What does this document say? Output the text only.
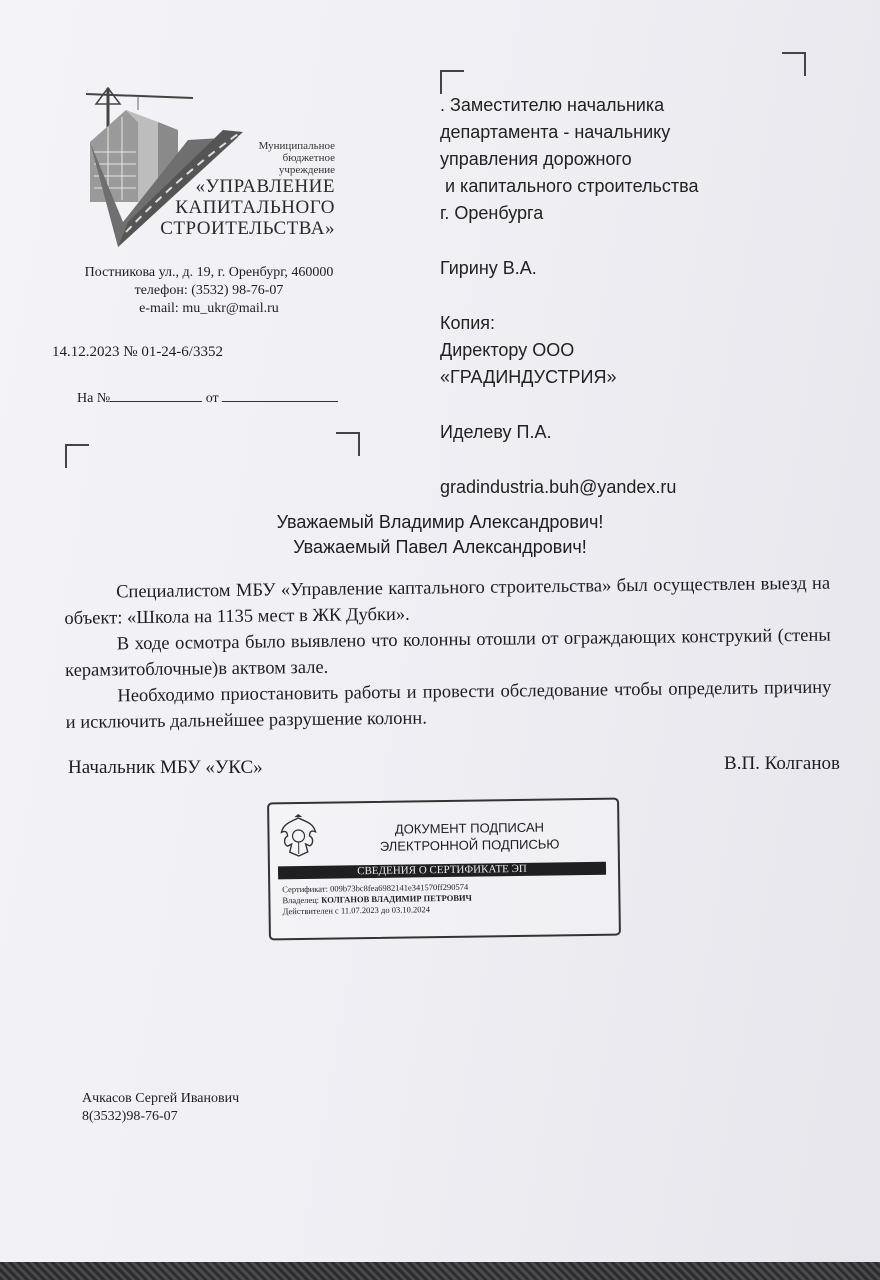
Муниципальное
бюджетное
учреждение
«УПРАВЛЕНИЕ
КАПИТАЛЬНОГО
СТРОИТЕЛЬСТВА»
Постникова ул., д. 19, г. Оренбург, 460000
телефон: (3532) 98-76-07
e-mail: mu_ukr@mail.ru
14.12.2023 № 01-24-6/3352
На №	от
. Заместителю начальника
департамента - начальнику
управления дорожного
и капитального строительства
г. Оренбурга
Гирину В.А.
Копия:
Директору ООО
«ГРАДИНДУСТРИЯ»
Иделеву П.А.
gradindustria.buh@yandex.ru
Уважаемый Владимир Александрович!
Уважаемый Павел Александрович!

Специалистом МБУ «Управление каптального строительства» был осуществлен выезд на объект: «Школа на 1135 мест в ЖК Дубки».

В ходе осмотра было выявлено что колонны отошли от ограждающих конструкий (стены керамзитоблочные)в актвом зале.

Необходимо приостановить работы и провести обследование чтобы определить причину и исключить дальнейшее разрушение колонн.

Начальник МБУ «УКС»	В.П. Колганов
ДОКУМЕНТ ПОДПИСАН
ЭЛЕКТРОННОЙ ПОДПИСЬЮ
СВЕДЕНИЯ О СЕРТИФИКАТЕ ЭП
Сертификат: 009b73bc8fea6982141e341570ff290574
Владелец: КОЛГАНОВ ВЛАДИМИР ПЕТРОВИЧ
Действителен с 11.07.2023 до 03.10.2024
Ачкасов Сергей Иванович
8(3532)98-76-07
